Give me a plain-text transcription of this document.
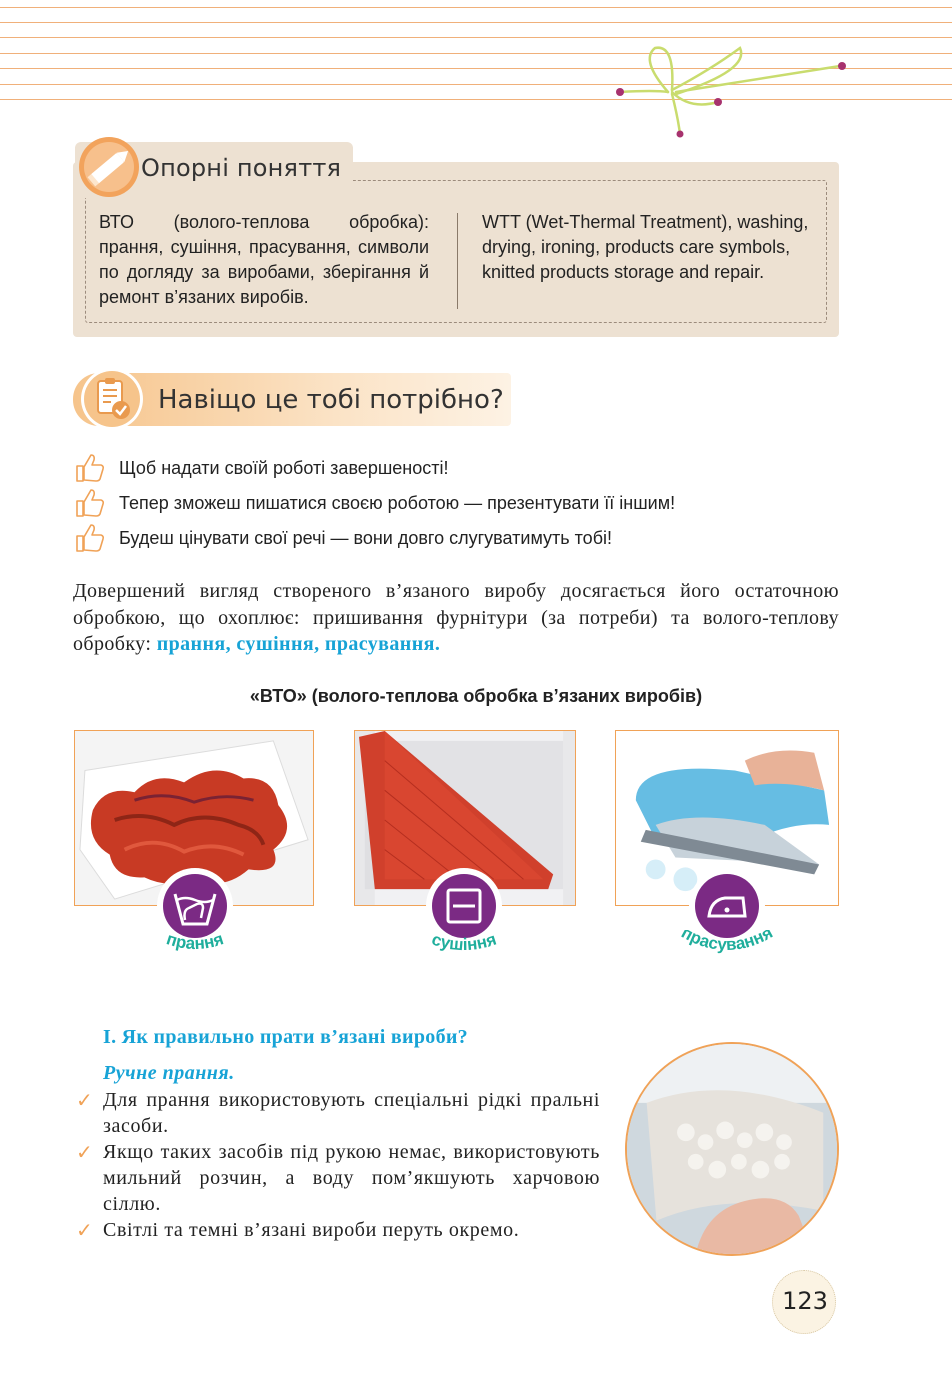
Опорні поняття
ВТО (волого-теплова обробка): прання, сушіння, прасування, символи по догляду за виробами, зберігання й ремонт в’язаних виробів.
WTT (Wet-Thermal Treatment), washing, drying, ironing, products care symbols, knitted products storage and repair.
Навіщо це тобі потрібно?
Щоб надати своїй роботі завершеності!
Тепер зможеш пишатися своєю роботою — презентувати її іншим!
Будеш цінувати свої речі — вони довго слугуватимуть тобі!

Довершений вигляд створеного в’язаного виробу досягається його остаточною обробкою, що охоплює: пришивання фурнітури (за потреби) та волого-теплову обробку: прання, сушіння, прасування.

«ВТО» (волого-теплова обробка в’язаних виробів)
прання	сушіння	прасування
І. Як правильно прати в’язані вироби?
Ручне прання.
✓ Для прання використовують спеціальні рідкі пральні засоби.
✓ Якщо таких засобів під рукою немає, використовують мильний розчин, а воду пом’якшують харчовою сіллю.
✓ Світлі та темні в’язані вироби перуть окремо.
123
